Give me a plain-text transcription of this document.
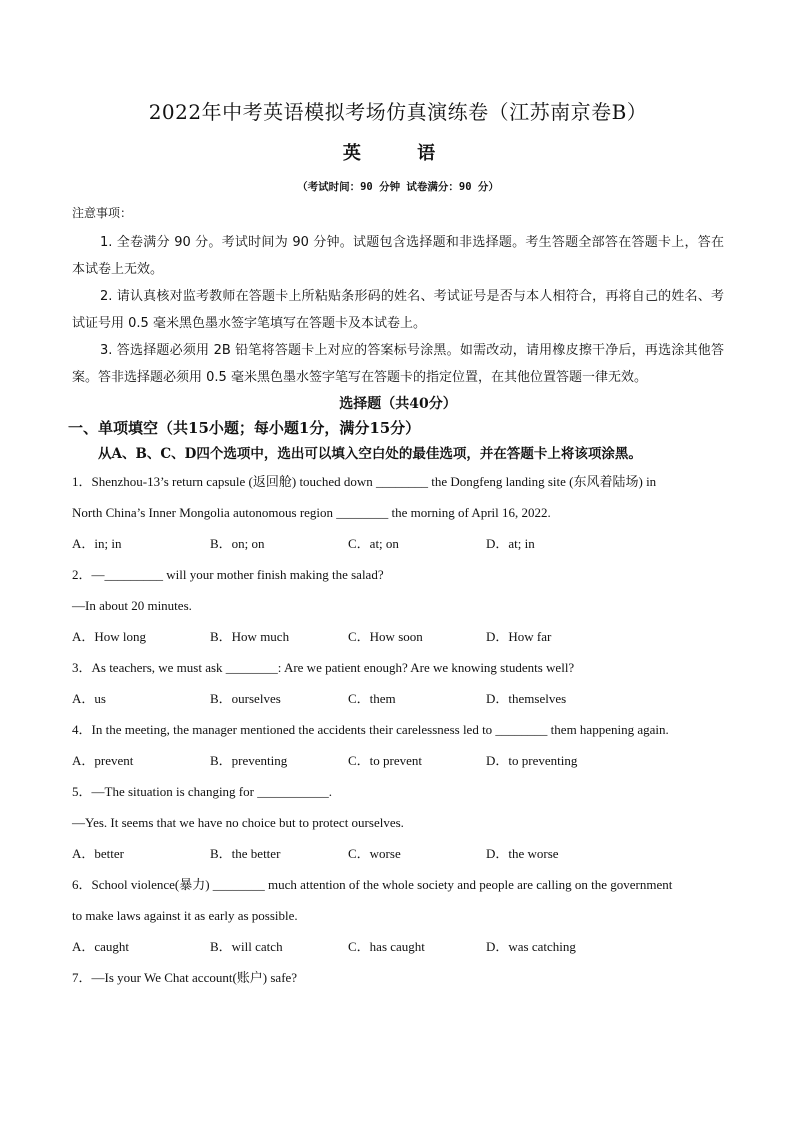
2022年中考英语模拟考场仿真演练卷（江苏南京卷B）
英 语
（考试时间：90 分钟 试卷满分：90 分）
注意事项：

1. 全卷满分 90 分。考试时间为 90 分钟。试题包含选择题和非选择题。考生答题全部答在答题卡上，答在本试卷上无效。

2. 请认真核对监考教师在答题卡上所粘贴条形码的姓名、考试证号是否与本人相符合，再将自己的姓名、考试证号用 0.5 毫米黑色墨水签字笔填写在答题卡及本试卷上。

3. 答选择题必须用 2B 铅笔将答题卡上对应的答案标号涂黑。如需改动，请用橡皮擦干净后，再选涂其他答案。答非选择题必须用 0.5 毫米黑色墨水签字笔写在答题卡的指定位置，在其他位置答题一律无效。

选择题（共40分）
一、单项填空（共15小题；每小题1分，满分15分）
从A、B、C、D四个选项中，选出可以填入空白处的最佳选项，并在答题卡上将该项涂黑。

1．Shenzhou-13’s return capsule (返回舱) touched down ________ the Dongfeng landing site (东风着陆场) in

North China’s Inner Mongolia autonomous region ________ the morning of April 16, 2022.

A．in; in	B．on; on	C．at; on	D．at; in

2．—_________ will your mother finish making the salad?

—In about 20 minutes.

A．How long	B．How much	C．How soon	D．How far

3．As teachers, we must ask ________: Are we patient enough? Are we knowing students well?

A．us	B．ourselves	C．them	D．themselves

4．In the meeting, the manager mentioned the accidents their carelessness led to ________ them happening again.

A．prevent	B．preventing	C．to prevent	D．to preventing

5．—The situation is changing for ___________.

—Yes. It seems that we have no choice but to protect ourselves.

A．better	B．the better	C．worse	D．the worse

6．School violence(暴力) ________ much attention of the whole society and people are calling on the government

to make laws against it as early as possible.

A．caught	B．will catch	C．has caught	D．was catching

7．—Is your We Chat account(账户) safe?
